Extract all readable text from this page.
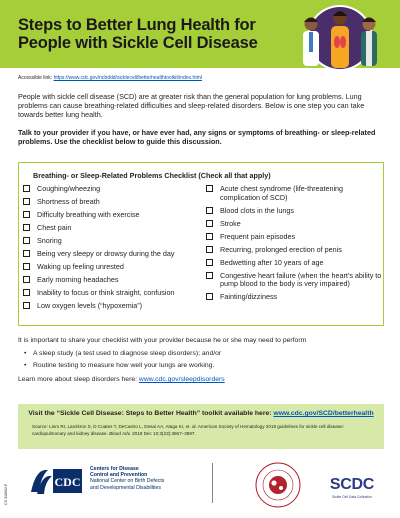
Steps to Better Lung Health for
People with Sickle Cell Disease
Accessible link: https://www.cdc.gov/ncbddd/sicklecell/betterhealthtoolkit/index.html
People with sickle cell disease (SCD) are at greater risk than the general population for lung problems. Lung problems can cause breathing-related difficulties and sleep-related disorders. Below is one step you can take towards better lung health.
Talk to your provider if you have, or have ever had, any signs or symptoms of breathing- or sleep-related problems. Use the checklist below to guide this discussion.
Breathing- or Sleep-Related Problems Checklist (Check all that apply)
Coughing/wheezing
Shortness of breath
Difficulty breathing with exercise
Chest pain
Snoring
Being very sleepy or drowsy during the day
Waking up feeling unrested
Early morning headaches
Inability to focus or think straight, confusion
Low oxygen levels (“hypoxemia”)
Acute chest syndrome (life-threatening complication of SCD)
Blood clots in the lungs
Stroke
Frequent pain episodes
Recurring, prolonged erection of penis
Bedwetting after 10 years of age
Congestive heart failure (when the heart’s ability to pump blood to the body is very impaired)
Fainting/dizziness
It is important to share your checklist with your provider because he or she may need to perform
• A sleep study (a test used to diagnose sleep disorders); and/or
• Routine testing to measure how well your lungs are working.
Learn more about sleep disorders here: www.cdc.gov/sleepdisorders
Visit the “Sickle Cell Disease: Steps to Better Health” toolkit available here: www.cdc.gov/SCD/betterhealth
Source: Liem RI, Lanzkron S, D Coates T, DeCastro L, Desai AA, Ataga KI, et. al. American Society of Hematology 2019 guidelines for sickle cell disease: cardiopulmonary and kidney disease. Blood Adv. 2019 Dec 10;3(23):3867–3897.
CS 318002-F
CDC
Centers for Disease
Control and Prevention
National Center on Birth Defects
and Developmental Disabilities	SCDC
Sickle Cell Data Collection
